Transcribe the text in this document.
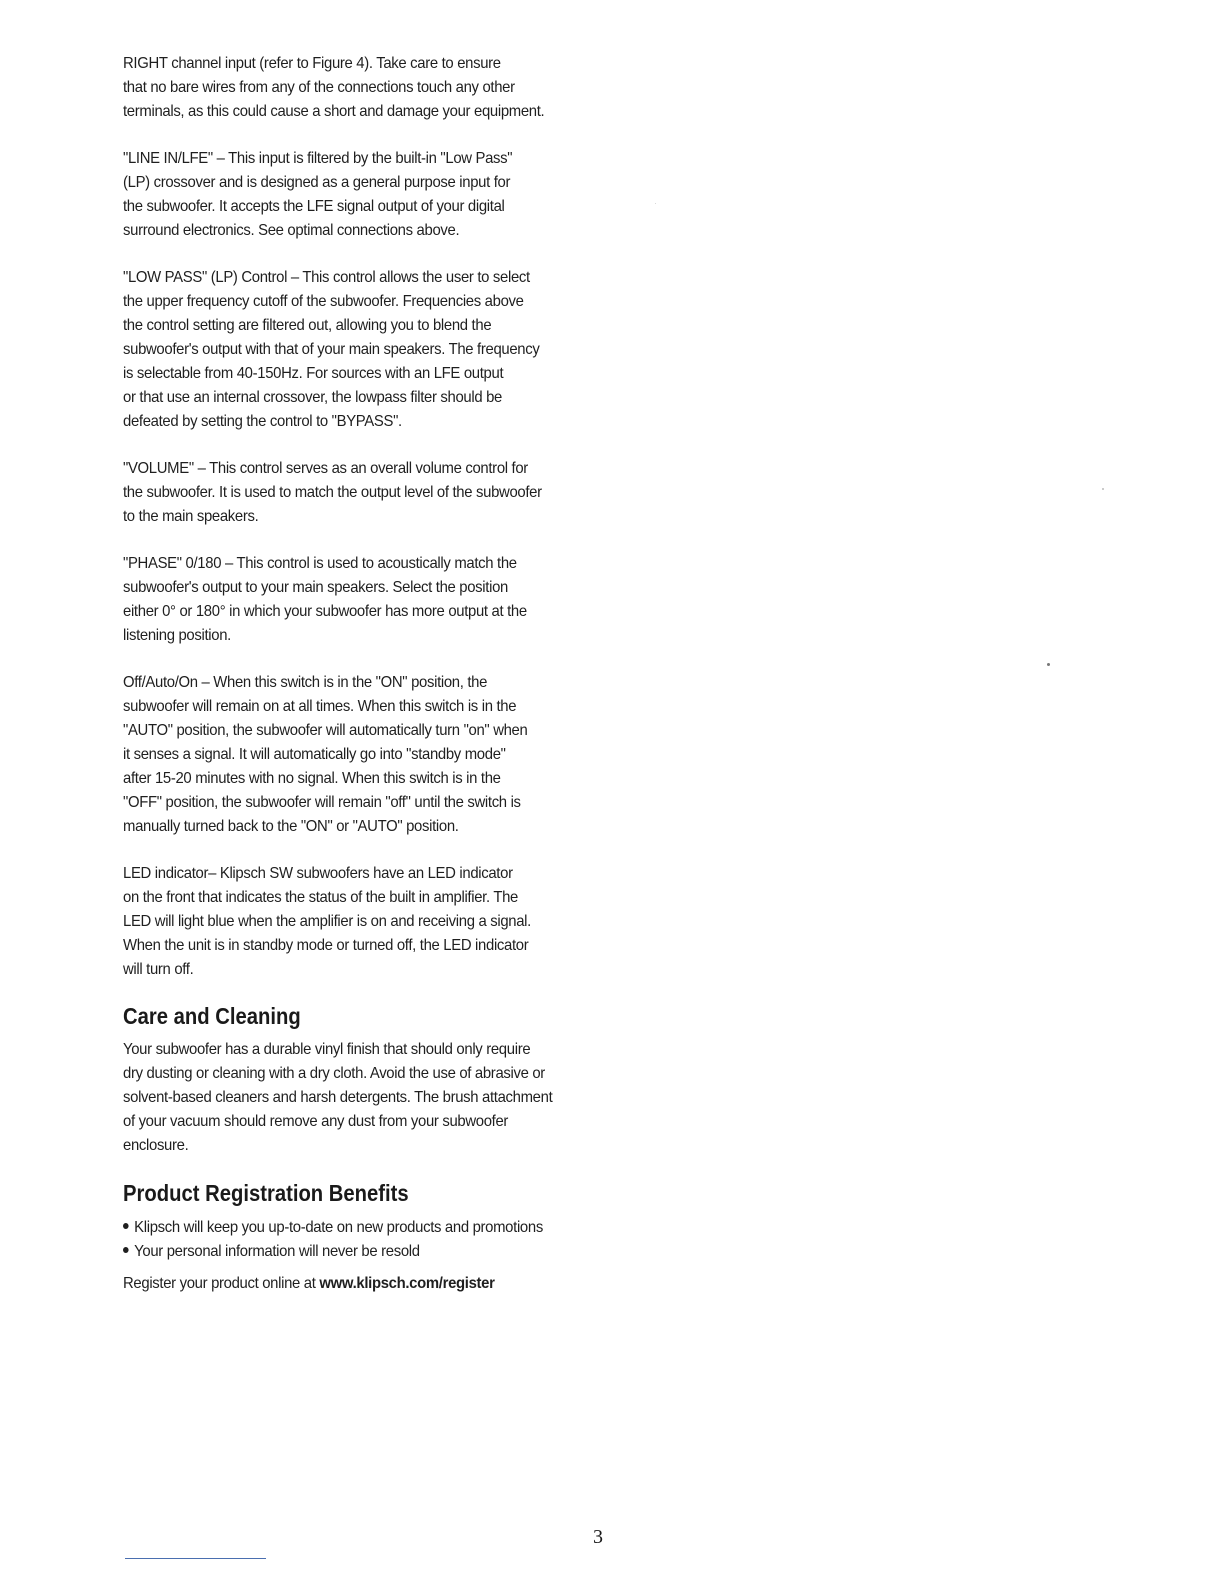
RIGHT channel input (refer to Figure 4). Take care to ensure
that no bare wires from any of the connections touch any other
terminals, as this could cause a short and damage your equipment.

"LINE IN/LFE" – This input is filtered by the built-in "Low Pass"
(LP) crossover and is designed as a general purpose input for
the subwoofer. It accepts the LFE signal output of your digital
surround electronics. See optimal connections above.

"LOW PASS" (LP) Control – This control allows the user to select
the upper frequency cutoff of the subwoofer. Frequencies above
the control setting are filtered out, allowing you to blend the
subwoofer's output with that of your main speakers. The frequency
is selectable from 40-150Hz. For sources with an LFE output
or that use an internal crossover, the lowpass filter should be
defeated by setting the control to "BYPASS".

"VOLUME" – This control serves as an overall volume control for
the subwoofer. It is used to match the output level of the subwoofer
to the main speakers.

"PHASE" 0/180 – This control is used to acoustically match the
subwoofer's output to your main speakers. Select the position
either 0° or 180° in which your subwoofer has more output at the
listening position.

Off/Auto/On – When this switch is in the "ON" position, the
subwoofer will remain on at all times. When this switch is in the
"AUTO" position, the subwoofer will automatically turn "on" when
it senses a signal. It will automatically go into "standby mode"
after 15-20 minutes with no signal. When this switch is in the
"OFF" position, the subwoofer will remain "off" until the switch is
manually turned back to the "ON" or "AUTO" position.

LED indicator– Klipsch SW subwoofers have an LED indicator
on the front that indicates the status of the built in amplifier. The
LED will light blue when the amplifier is on and receiving a signal.
When the unit is in standby mode or turned off, the LED indicator
will turn off.

Care and Cleaning

Your subwoofer has a durable vinyl finish that should only require
dry dusting or cleaning with a dry cloth. Avoid the use of abrasive or
solvent-based cleaners and harsh detergents. The brush attachment
of your vacuum should remove any dust from your subwoofer
enclosure.

Product Registration Benefits
Klipsch will keep you up-to-date on new products and promotions
Your personal information will never be resold

Register your product online at www.klipsch.com/register

3
